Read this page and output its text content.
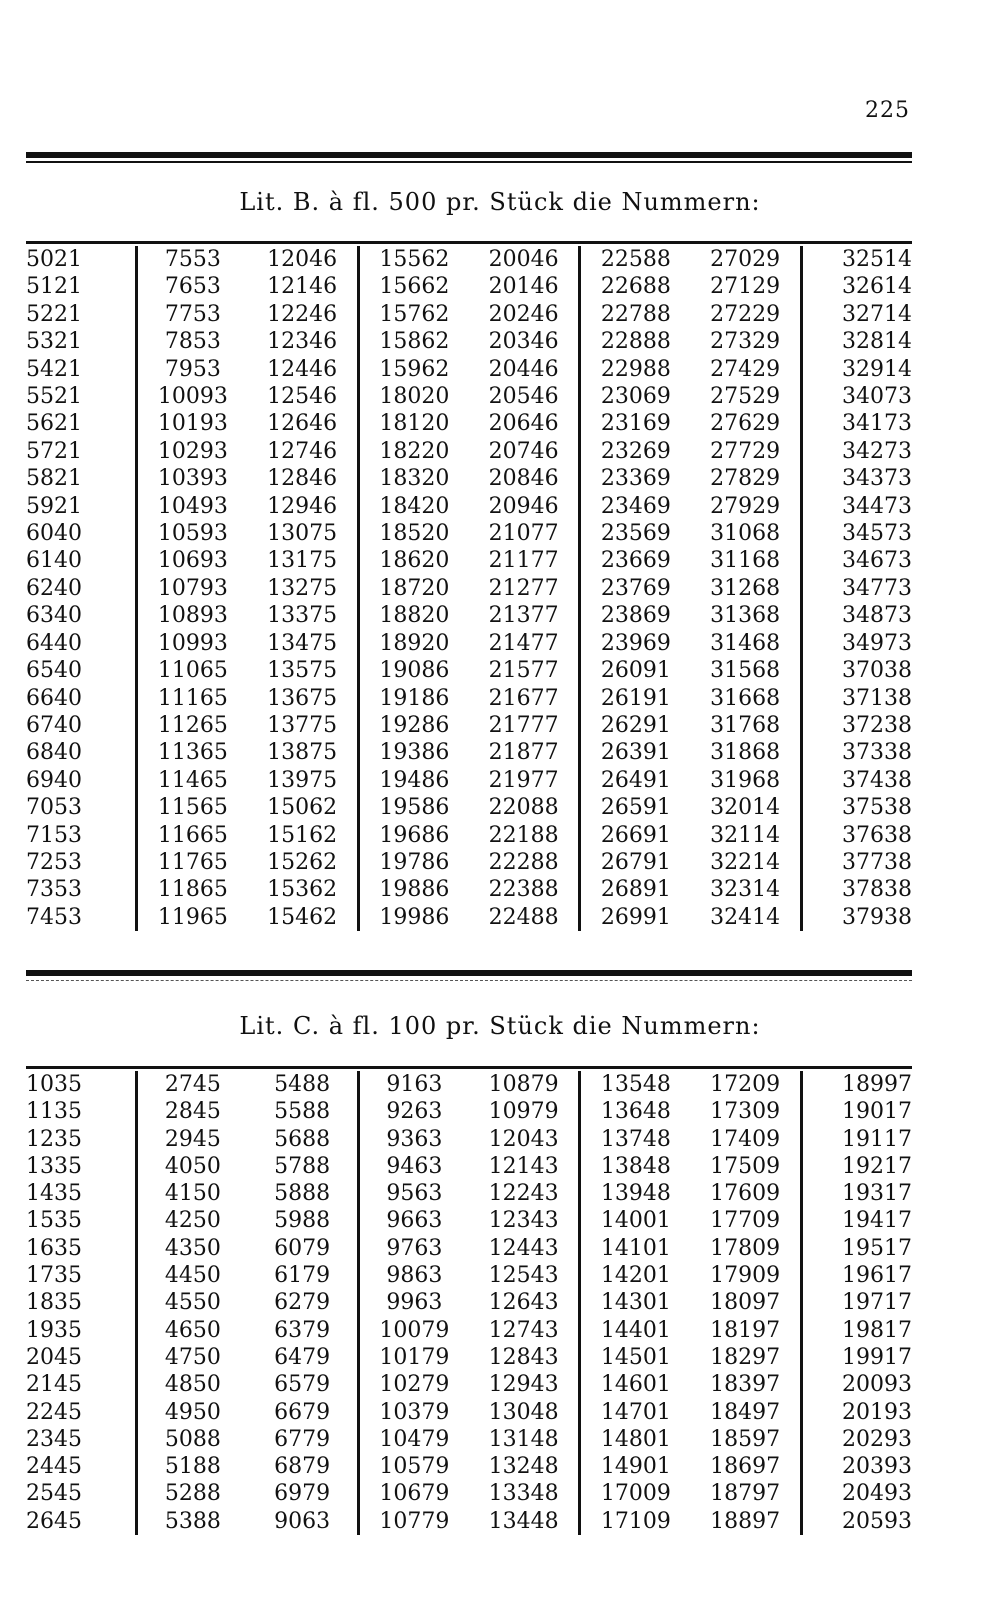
225
Lit. B. à fl. 500 pr. Stück die Nummern:
5021	7553	12046	15562	20046	22588	27029	32514
5121	7653	12146	15662	20146	22688	27129	32614
5221	7753	12246	15762	20246	22788	27229	32714
5321	7853	12346	15862	20346	22888	27329	32814
5421	7953	12446	15962	20446	22988	27429	32914
5521	10093	12546	18020	20546	23069	27529	34073
5621	10193	12646	18120	20646	23169	27629	34173
5721	10293	12746	18220	20746	23269	27729	34273
5821	10393	12846	18320	20846	23369	27829	34373
5921	10493	12946	18420	20946	23469	27929	34473
6040	10593	13075	18520	21077	23569	31068	34573
6140	10693	13175	18620	21177	23669	31168	34673
6240	10793	13275	18720	21277	23769	31268	34773
6340	10893	13375	18820	21377	23869	31368	34873
6440	10993	13475	18920	21477	23969	31468	34973
6540	11065	13575	19086	21577	26091	31568	37038
6640	11165	13675	19186	21677	26191	31668	37138
6740	11265	13775	19286	21777	26291	31768	37238
6840	11365	13875	19386	21877	26391	31868	37338
6940	11465	13975	19486	21977	26491	31968	37438
7053	11565	15062	19586	22088	26591	32014	37538
7153	11665	15162	19686	22188	26691	32114	37638
7253	11765	15262	19786	22288	26791	32214	37738
7353	11865	15362	19886	22388	26891	32314	37838
7453	11965	15462	19986	22488	26991	32414	37938
Lit. C. à fl. 100 pr. Stück die Nummern:
1035	2745	5488	9163	10879	13548	17209	18997
1135	2845	5588	9263	10979	13648	17309	19017
1235	2945	5688	9363	12043	13748	17409	19117
1335	4050	5788	9463	12143	13848	17509	19217
1435	4150	5888	9563	12243	13948	17609	19317
1535	4250	5988	9663	12343	14001	17709	19417
1635	4350	6079	9763	12443	14101	17809	19517
1735	4450	6179	9863	12543	14201	17909	19617
1835	4550	6279	9963	12643	14301	18097	19717
1935	4650	6379	10079	12743	14401	18197	19817
2045	4750	6479	10179	12843	14501	18297	19917
2145	4850	6579	10279	12943	14601	18397	20093
2245	4950	6679	10379	13048	14701	18497	20193
2345	5088	6779	10479	13148	14801	18597	20293
2445	5188	6879	10579	13248	14901	18697	20393
2545	5288	6979	10679	13348	17009	18797	20493
2645	5388	9063	10779	13448	17109	18897	20593
